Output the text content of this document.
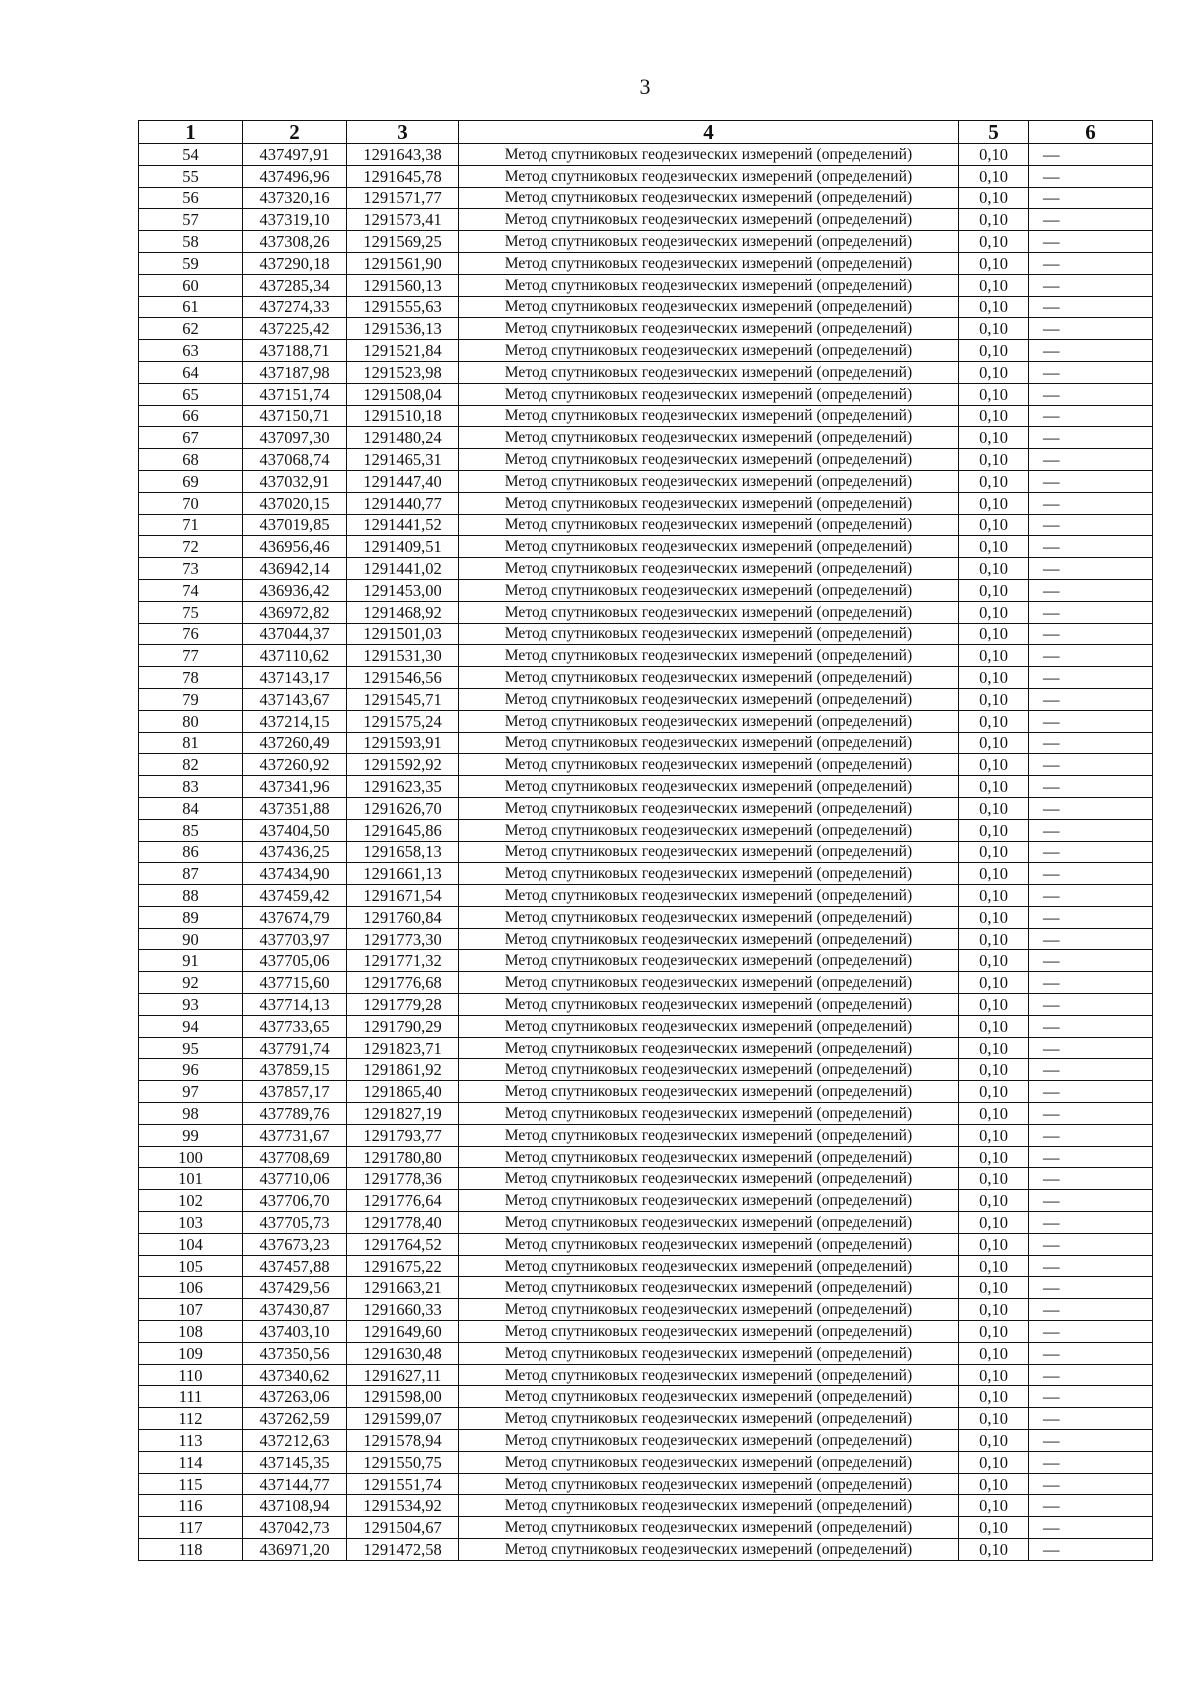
3
1	2	3	4	5	6
54	437497,91	1291643,38	Метод спутниковых геодезических измерений (определений)	0,10	—
55	437496,96	1291645,78	Метод спутниковых геодезических измерений (определений)	0,10	—
56	437320,16	1291571,77	Метод спутниковых геодезических измерений (определений)	0,10	—
57	437319,10	1291573,41	Метод спутниковых геодезических измерений (определений)	0,10	—
58	437308,26	1291569,25	Метод спутниковых геодезических измерений (определений)	0,10	—
59	437290,18	1291561,90	Метод спутниковых геодезических измерений (определений)	0,10	—
60	437285,34	1291560,13	Метод спутниковых геодезических измерений (определений)	0,10	—
61	437274,33	1291555,63	Метод спутниковых геодезических измерений (определений)	0,10	—
62	437225,42	1291536,13	Метод спутниковых геодезических измерений (определений)	0,10	—
63	437188,71	1291521,84	Метод спутниковых геодезических измерений (определений)	0,10	—
64	437187,98	1291523,98	Метод спутниковых геодезических измерений (определений)	0,10	—
65	437151,74	1291508,04	Метод спутниковых геодезических измерений (определений)	0,10	—
66	437150,71	1291510,18	Метод спутниковых геодезических измерений (определений)	0,10	—
67	437097,30	1291480,24	Метод спутниковых геодезических измерений (определений)	0,10	—
68	437068,74	1291465,31	Метод спутниковых геодезических измерений (определений)	0,10	—
69	437032,91	1291447,40	Метод спутниковых геодезических измерений (определений)	0,10	—
70	437020,15	1291440,77	Метод спутниковых геодезических измерений (определений)	0,10	—
71	437019,85	1291441,52	Метод спутниковых геодезических измерений (определений)	0,10	—
72	436956,46	1291409,51	Метод спутниковых геодезических измерений (определений)	0,10	—
73	436942,14	1291441,02	Метод спутниковых геодезических измерений (определений)	0,10	—
74	436936,42	1291453,00	Метод спутниковых геодезических измерений (определений)	0,10	—
75	436972,82	1291468,92	Метод спутниковых геодезических измерений (определений)	0,10	—
76	437044,37	1291501,03	Метод спутниковых геодезических измерений (определений)	0,10	—
77	437110,62	1291531,30	Метод спутниковых геодезических измерений (определений)	0,10	—
78	437143,17	1291546,56	Метод спутниковых геодезических измерений (определений)	0,10	—
79	437143,67	1291545,71	Метод спутниковых геодезических измерений (определений)	0,10	—
80	437214,15	1291575,24	Метод спутниковых геодезических измерений (определений)	0,10	—
81	437260,49	1291593,91	Метод спутниковых геодезических измерений (определений)	0,10	—
82	437260,92	1291592,92	Метод спутниковых геодезических измерений (определений)	0,10	—
83	437341,96	1291623,35	Метод спутниковых геодезических измерений (определений)	0,10	—
84	437351,88	1291626,70	Метод спутниковых геодезических измерений (определений)	0,10	—
85	437404,50	1291645,86	Метод спутниковых геодезических измерений (определений)	0,10	—
86	437436,25	1291658,13	Метод спутниковых геодезических измерений (определений)	0,10	—
87	437434,90	1291661,13	Метод спутниковых геодезических измерений (определений)	0,10	—
88	437459,42	1291671,54	Метод спутниковых геодезических измерений (определений)	0,10	—
89	437674,79	1291760,84	Метод спутниковых геодезических измерений (определений)	0,10	—
90	437703,97	1291773,30	Метод спутниковых геодезических измерений (определений)	0,10	—
91	437705,06	1291771,32	Метод спутниковых геодезических измерений (определений)	0,10	—
92	437715,60	1291776,68	Метод спутниковых геодезических измерений (определений)	0,10	—
93	437714,13	1291779,28	Метод спутниковых геодезических измерений (определений)	0,10	—
94	437733,65	1291790,29	Метод спутниковых геодезических измерений (определений)	0,10	—
95	437791,74	1291823,71	Метод спутниковых геодезических измерений (определений)	0,10	—
96	437859,15	1291861,92	Метод спутниковых геодезических измерений (определений)	0,10	—
97	437857,17	1291865,40	Метод спутниковых геодезических измерений (определений)	0,10	—
98	437789,76	1291827,19	Метод спутниковых геодезических измерений (определений)	0,10	—
99	437731,67	1291793,77	Метод спутниковых геодезических измерений (определений)	0,10	—
100	437708,69	1291780,80	Метод спутниковых геодезических измерений (определений)	0,10	—
101	437710,06	1291778,36	Метод спутниковых геодезических измерений (определений)	0,10	—
102	437706,70	1291776,64	Метод спутниковых геодезических измерений (определений)	0,10	—
103	437705,73	1291778,40	Метод спутниковых геодезических измерений (определений)	0,10	—
104	437673,23	1291764,52	Метод спутниковых геодезических измерений (определений)	0,10	—
105	437457,88	1291675,22	Метод спутниковых геодезических измерений (определений)	0,10	—
106	437429,56	1291663,21	Метод спутниковых геодезических измерений (определений)	0,10	—
107	437430,87	1291660,33	Метод спутниковых геодезических измерений (определений)	0,10	—
108	437403,10	1291649,60	Метод спутниковых геодезических измерений (определений)	0,10	—
109	437350,56	1291630,48	Метод спутниковых геодезических измерений (определений)	0,10	—
110	437340,62	1291627,11	Метод спутниковых геодезических измерений (определений)	0,10	—
111	437263,06	1291598,00	Метод спутниковых геодезических измерений (определений)	0,10	—
112	437262,59	1291599,07	Метод спутниковых геодезических измерений (определений)	0,10	—
113	437212,63	1291578,94	Метод спутниковых геодезических измерений (определений)	0,10	—
114	437145,35	1291550,75	Метод спутниковых геодезических измерений (определений)	0,10	—
115	437144,77	1291551,74	Метод спутниковых геодезических измерений (определений)	0,10	—
116	437108,94	1291534,92	Метод спутниковых геодезических измерений (определений)	0,10	—
117	437042,73	1291504,67	Метод спутниковых геодезических измерений (определений)	0,10	—
118	436971,20	1291472,58	Метод спутниковых геодезических измерений (определений)	0,10	—
